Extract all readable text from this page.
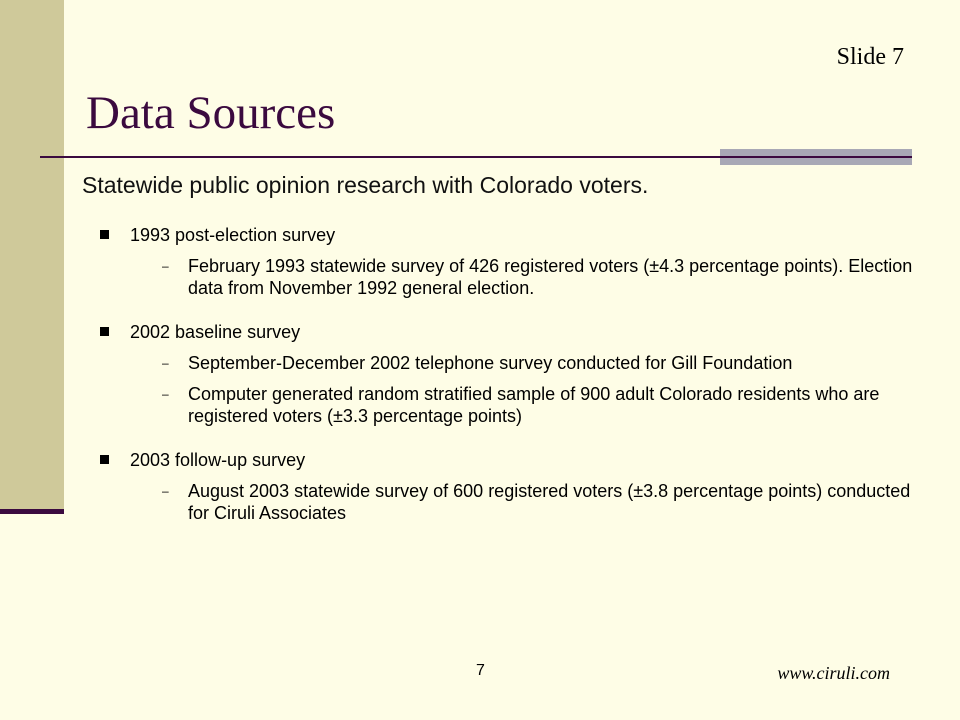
Slide 7
Data Sources
Statewide public opinion research with Colorado voters.
1993 post-election survey
– February 1993 statewide survey of 426 registered voters (±4.3 percentage points). Election data from November 1992 general election.
2002 baseline survey
– September-December 2002 telephone survey conducted for Gill Foundation
– Computer generated random stratified sample of 900 adult Colorado residents who are registered voters (±3.3 percentage points)
2003 follow-up survey
– August 2003 statewide survey of 600 registered voters (±3.8 percentage points) conducted for Ciruli Associates
7	www.ciruli.com
